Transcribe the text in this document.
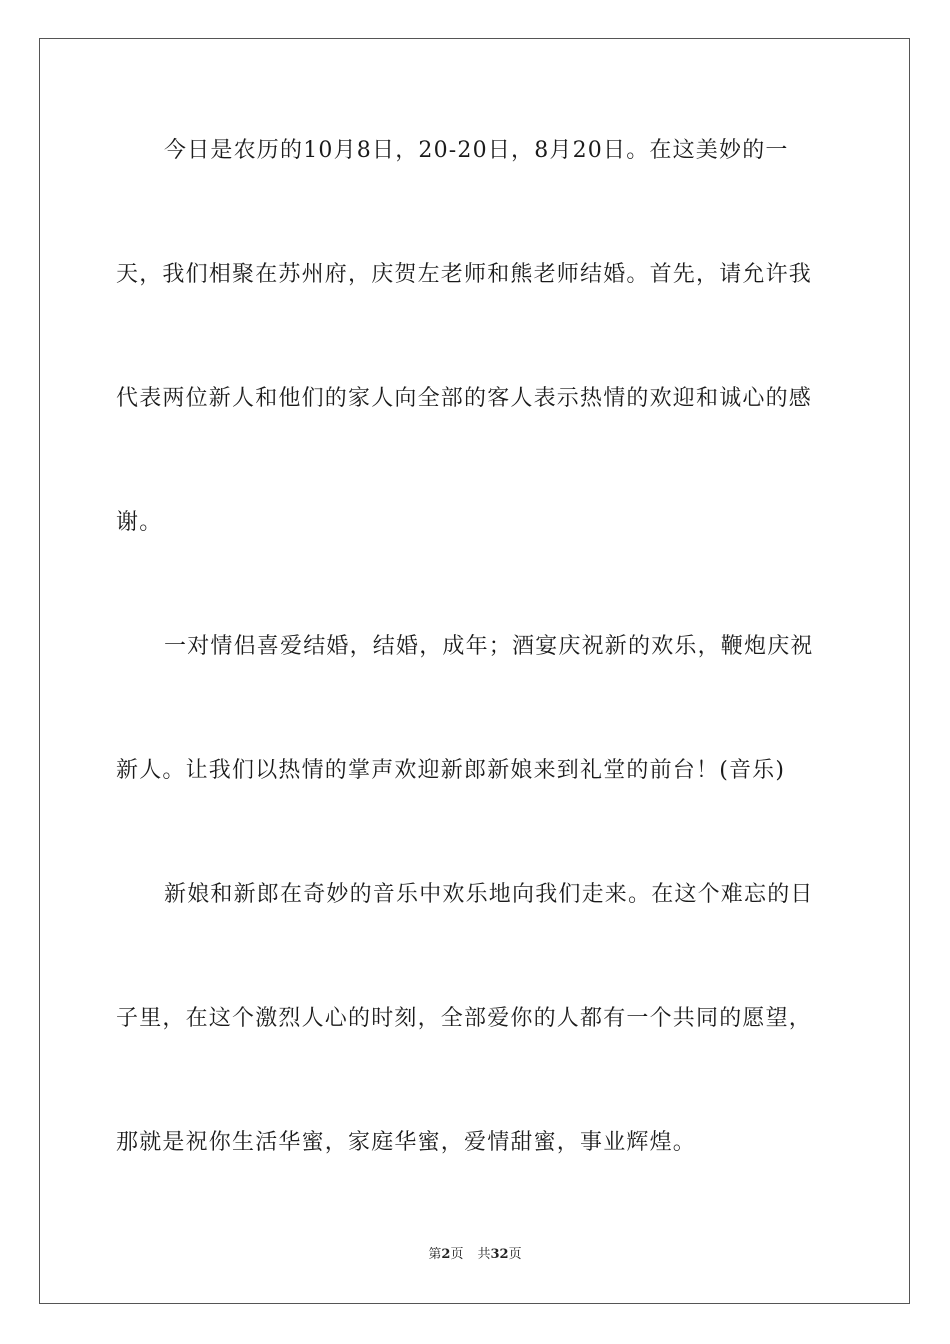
今日是农历的10月8日，20-20日，8月20日。在这美妙的一
天，我们相聚在苏州府，庆贺左老师和熊老师结婚。首先，请允许我
代表两位新人和他们的家人向全部的客人表示热情的欢迎和诚心的感
谢。
一对情侣喜爱结婚，结婚，成年；酒宴庆祝新的欢乐，鞭炮庆祝
新人。让我们以热情的掌声欢迎新郎新娘来到礼堂的前台！(音乐)
新娘和新郎在奇妙的音乐中欢乐地向我们走来。在这个难忘的日
子里，在这个激烈人心的时刻，全部爱你的人都有一个共同的愿望，
那就是祝你生活华蜜，家庭华蜜，爱情甜蜜，事业辉煌。
第2页 共32页
